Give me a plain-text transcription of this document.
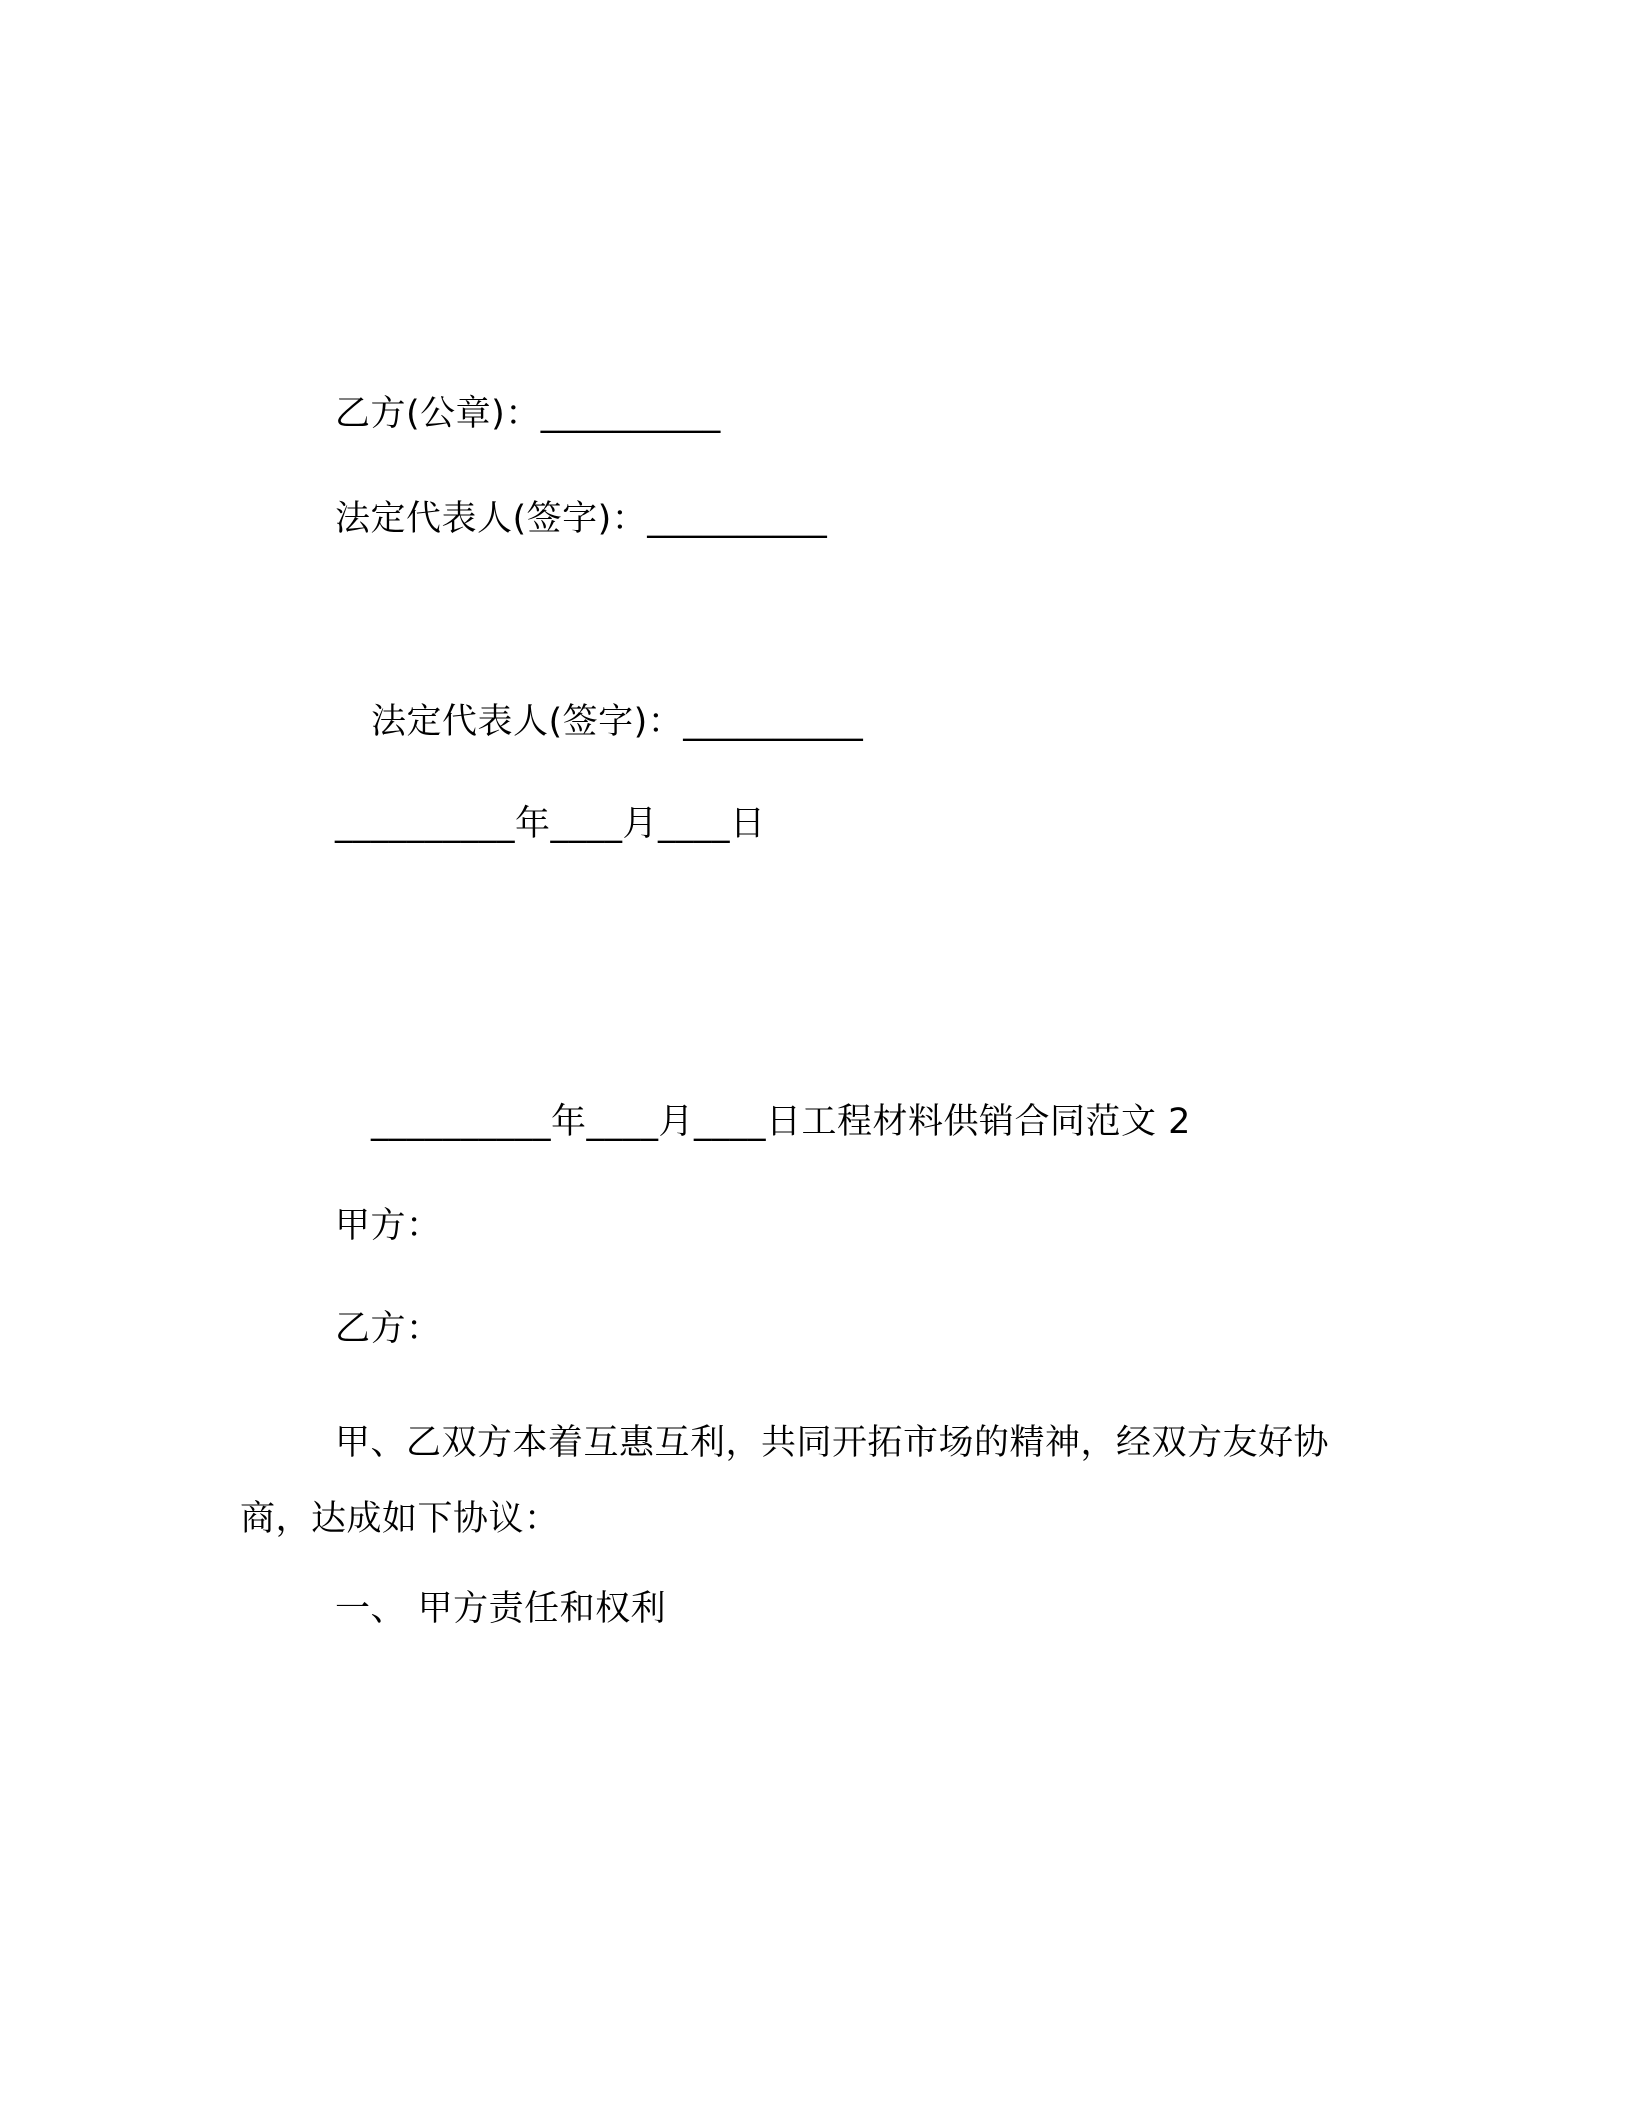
乙方(公章)：__________
法定代表人(签字)：__________
法定代表人(签字)：__________
__________年____月____日
__________年____月____日工程材料供销合同范文 2
甲方：
乙方：
甲、乙双方本着互惠互利，共同开拓市场的精神，经双方友好协商，达成如下协议：
一、 甲方责任和权利
